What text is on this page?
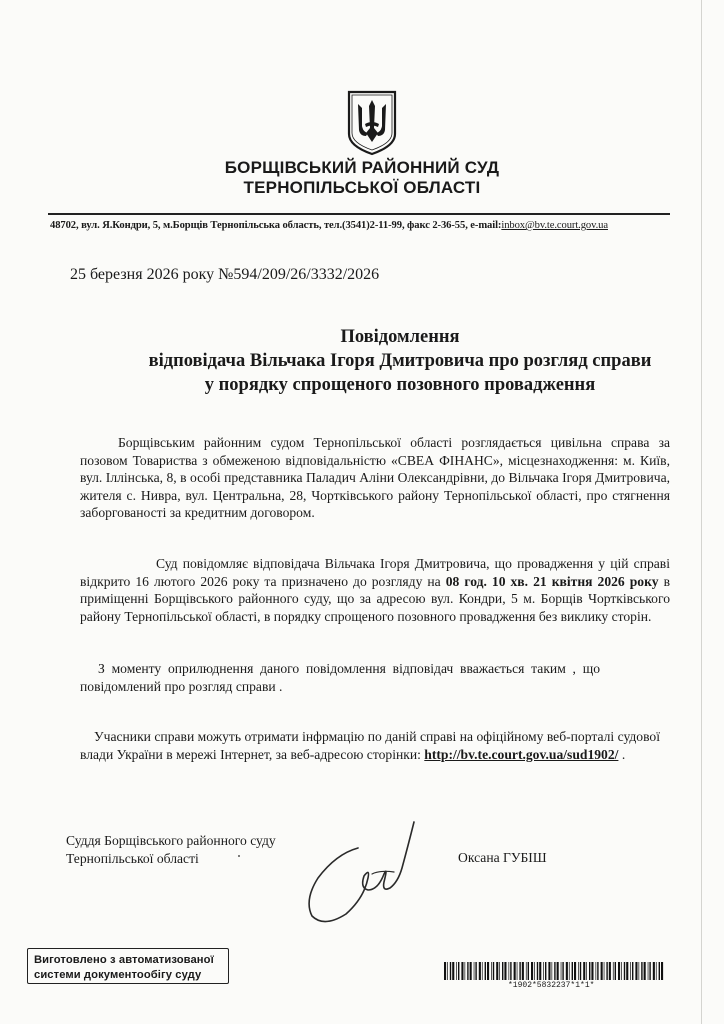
БОРЩІВСЬКИЙ РАЙОННИЙ СУД
ТЕРНОПІЛЬСЬКОЇ ОБЛАСТІ
48702, вул. Я.Кондри, 5, м.Борщів Тернопільська область, тел.(3541)2-11-99, факс 2-36-55, e-mail:inbox@bv.te.court.gov.ua
25 березня 2026 року №594/209/26/3332/2026
Повідомлення
відповідача Вільчака Ігоря Дмитровича про розгляд справи
у порядку спрощеного позовного провадження
Борщівським районним судом Тернопільської області розглядається цивільна справа за позовом Товариства з обмеженою відповідальністю «СВЕА ФІНАНС», місцезнаходження: м. Київ, вул. Іллінська, 8, в особі представника Паладич Аліни Олександрівни, до Вільчака Ігоря Дмитровича, жителя с. Нивра, вул. Центральна, 28, Чортківського району Тернопільської області, про стягнення заборгованості за кредитним договором.
Суд повідомляє відповідача Вільчака Ігоря Дмитровича, що провадження у цій справі відкрито 16 лютого 2026 року та призначено до розгляду на 08 год. 10 хв. 21 квітня 2026 року в приміщенні Борщівського районного суду, що за адресою вул. Кондри, 5 м. Борщів Чортківського району Тернопільської області, в порядку спрощеного позовного провадження без виклику сторін.
З моменту оприлюднення даного повідомлення відповідач вважається таким , що повідомлений про розгляд справи .
Учасники справи можуть отримати інфрмацію по даній справі на офіційному веб-порталі судової влади України в мережі Інтернет, за веб-адресою сторінки: http://bv.te.court.gov.ua/sud1902/ .
Суддя Борщівського районного суду
Тернопільської області	Оксана ГУБІШ
Виготовлено з автоматизованої
системи документообігу суду
*1902*5832237*1*1*
